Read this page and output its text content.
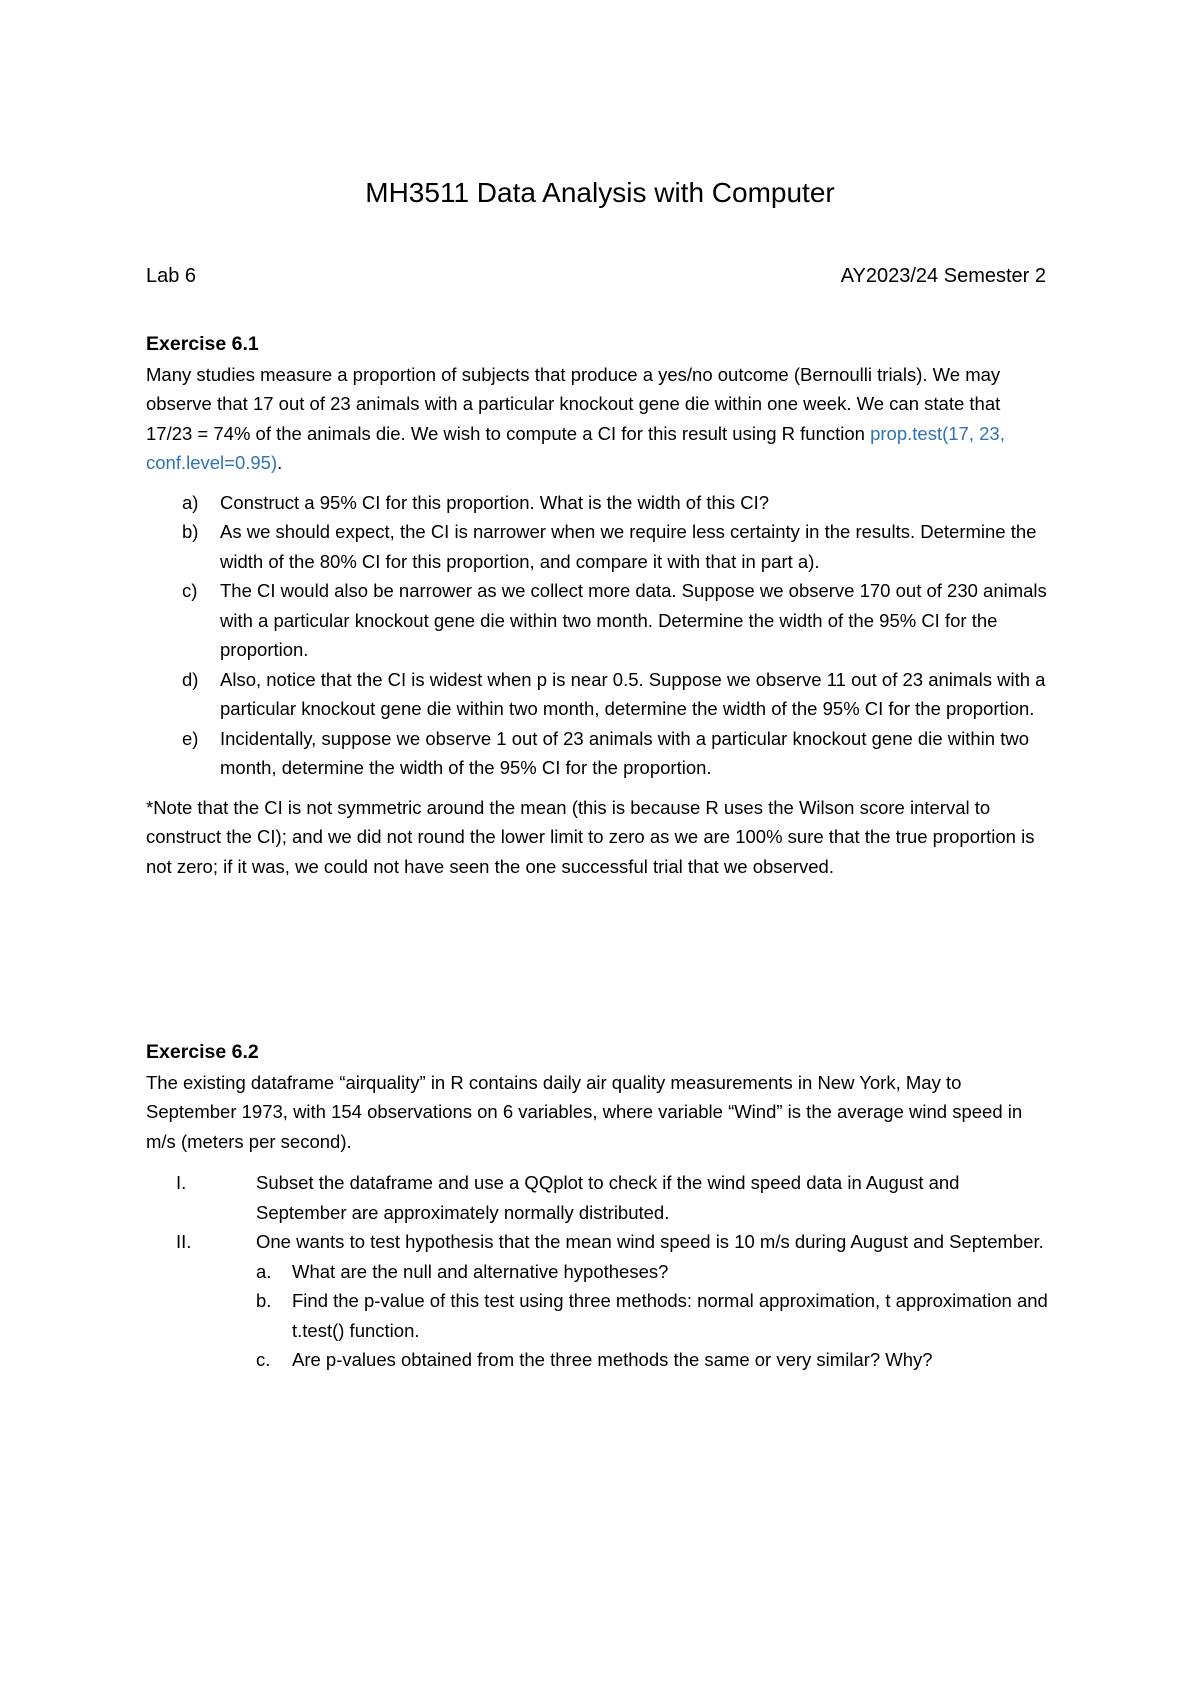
MH3511 Data Analysis with Computer
Lab 6	AY2023/24 Semester 2
Exercise 6.1

Many studies measure a proportion of subjects that produce a yes/no outcome (Bernoulli trials). We may observe that 17 out of 23 animals with a particular knockout gene die within one week. We can state that 17/23 = 74% of the animals die. We wish to compute a CI for this result using R function prop.test(17, 23, conf.level=0.95).

a) Construct a 95% CI for this proportion. What is the width of this CI?
b) As we should expect, the CI is narrower when we require less certainty in the results. Determine the width of the 80% CI for this proportion, and compare it with that in part a).
c) The CI would also be narrower as we collect more data. Suppose we observe 170 out of 230 animals with a particular knockout gene die within two month. Determine the width of the 95% CI for the proportion.
d) Also, notice that the CI is widest when p is near 0.5. Suppose we observe 11 out of 23 animals with a particular knockout gene die within two month, determine the width of the 95% CI for the proportion.
e) Incidentally, suppose we observe 1 out of 23 animals with a particular knockout gene die within two month, determine the width of the 95% CI for the proportion.

*Note that the CI is not symmetric around the mean (this is because R uses the Wilson score interval to construct the CI); and we did not round the lower limit to zero as we are 100% sure that the true proportion is not zero; if it was, we could not have seen the one successful trial that we observed.

Exercise 6.2

The existing dataframe “airquality” in R contains daily air quality measurements in New York, May to September 1973, with 154 observations on 6 variables, where variable “Wind” is the average wind speed in m/s (meters per second).

I.	Subset the dataframe and use a QQplot to check if the wind speed data in August and September are approximately normally distributed.
II.	One wants to test hypothesis that the mean wind speed is 10 m/s during August and September.
a. What are the null and alternative hypotheses?
b. Find the p-value of this test using three methods: normal approximation, t approximation and t.test() function.
c. Are p-values obtained from the three methods the same or very similar? Why?
